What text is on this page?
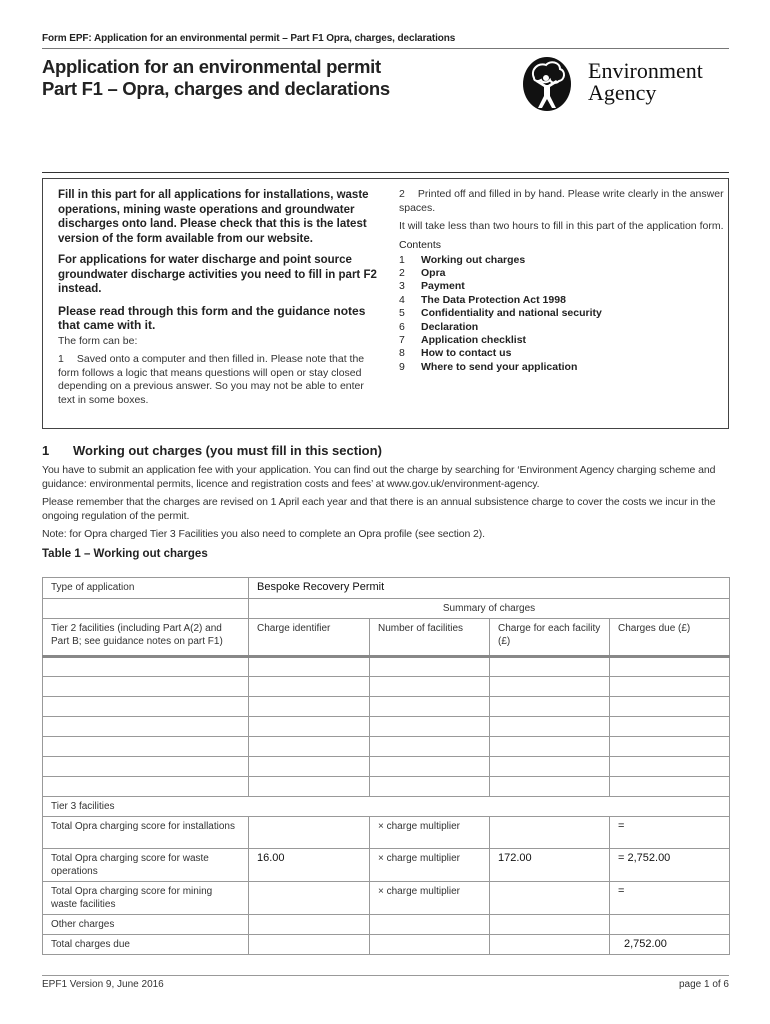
Form EPF: Application for an environmental permit – Part F1 Opra, charges, declarations
Application for an environmental permit
Part F1 – Opra, charges and declarations
Environment
Agency

Fill in this part for all applications for installations, waste operations, mining waste operations and groundwater discharges onto land. Please check that this is the latest version of the form available from our website.

For applications for water discharge and point source groundwater discharge activities you need to fill in part F2 instead.

Please read through this form and the guidance notes that came with it.

The form can be:

1 Saved onto a computer and then filled in. Please note that the form follows a logic that means questions will open or stay closed depending on a previous answer. So you may not be able to enter text in some boxes.

2 Printed off and filled in by hand. Please write clearly in the answer spaces.

It will take less than two hours to fill in this part of the application form.

Contents

1 Working out charges
2 Opra
3 Payment
4 The Data Protection Act 1998
5 Confidentiality and national security
6 Declaration
7 Application checklist
8 How to contact us
9 Where to send your application
1 Working out charges (you must fill in this section)

You have to submit an application fee with your application. You can find out the charge by searching for ‘Environment Agency charging scheme and guidance: environmental permits, licence and registration costs and fees’ at www.gov.uk/environment-agency.

Please remember that the charges are revised on 1 April each year and that there is an annual subsistence charge to cover the costs we incur in the ongoing regulation of the permit.

Note: for Opra charged Tier 3 Facilities you also need to complete an Opra profile (see section 2).

Table 1 – Working out charges
Type of application	Bespoke Recovery Permit			
	Summary of charges			
Tier 2 facilities (including Part A(2) and Part B; see guidance notes on part F1)	Charge identifier	Number of facilities	Charge for each facility (£)	Charges due (£)

Tier 3 facilities				
Total Opra charging score for installations		× charge multiplier		=
Total Opra charging score for waste operations	16.00	× charge multiplier	172.00	= 2,752.00
Total Opra charging score for mining waste facilities		× charge multiplier		=
Other charges				
Total charges due				2,752.00
EPF1 Version 9, June 2016	page 1 of 6
